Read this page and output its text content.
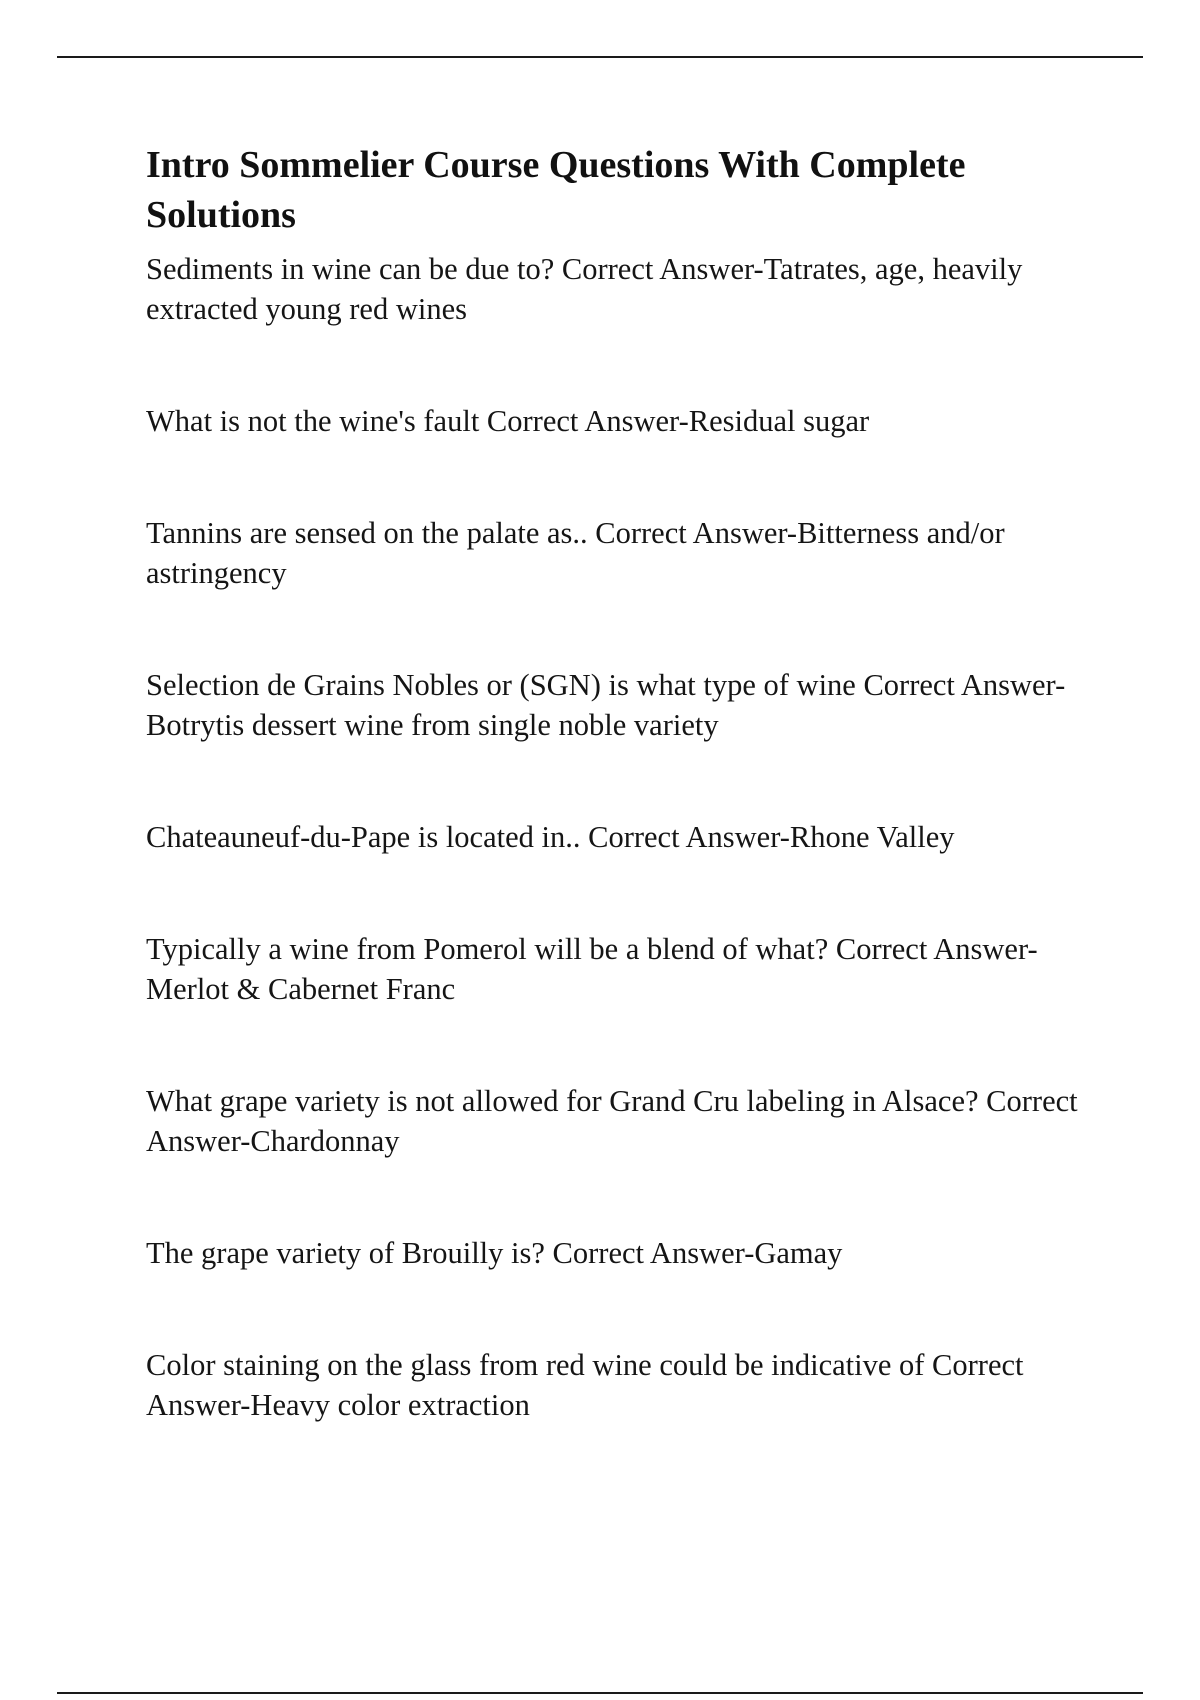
Intro Sommelier Course Questions With Complete Solutions
Sediments in wine can be due to? Correct Answer-Tatrates, age, heavily extracted young red wines
What is not the wine's fault Correct Answer-Residual sugar
Tannins are sensed on the palate as.. Correct Answer-Bitterness and/or astringency
Selection de Grains Nobles or (SGN) is what type of wine Correct Answer-Botrytis dessert wine from single noble variety
Chateauneuf-du-Pape is located in.. Correct Answer-Rhone Valley
Typically a wine from Pomerol will be a blend of what? Correct Answer-Merlot & Cabernet Franc
What grape variety is not allowed for Grand Cru labeling in Alsace? Correct Answer-Chardonnay
The grape variety of Brouilly is? Correct Answer-Gamay
Color staining on the glass from red wine could be indicative of Correct Answer-Heavy color extraction
